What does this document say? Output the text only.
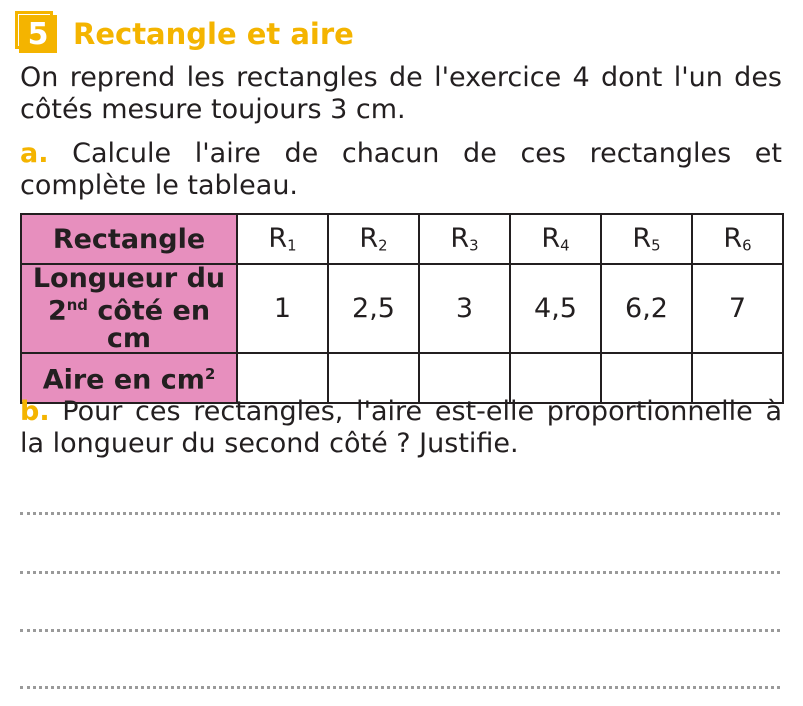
5 Rectangle et aire
On reprend les rectangles de l'exercice 4 dont l'un des côtés mesure toujours 3 cm.
a. Calcule l'aire de chacun de ces rectangles et complète le tableau.
Rectangle	$R_1$	$R_2$	$R_3$	$R_4$	$R_5$	$R_6$
Longueur du
2nd côté en cm	1	2,5	3	4,5	6,2	7
Aire en $cm^2$						
b. Pour ces rectangles, l'aire est-elle proportionnelle à la longueur du second côté ? Justifie.
